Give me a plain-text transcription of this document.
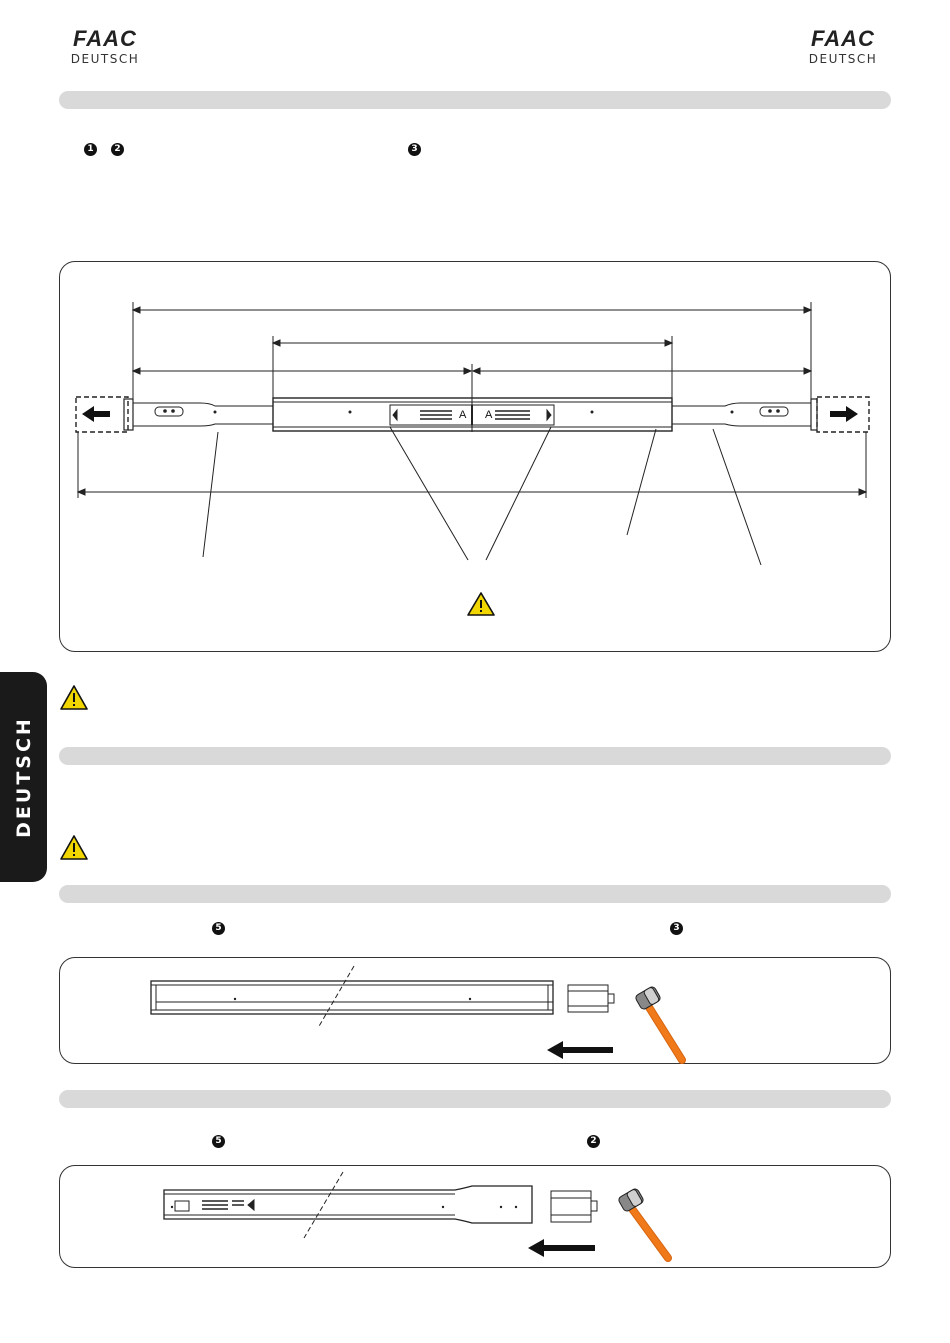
FAAC
DEUTSCH
FAAC
DEUTSCH
1	2	3
A A
DEUTSCH
5	3
5	2
